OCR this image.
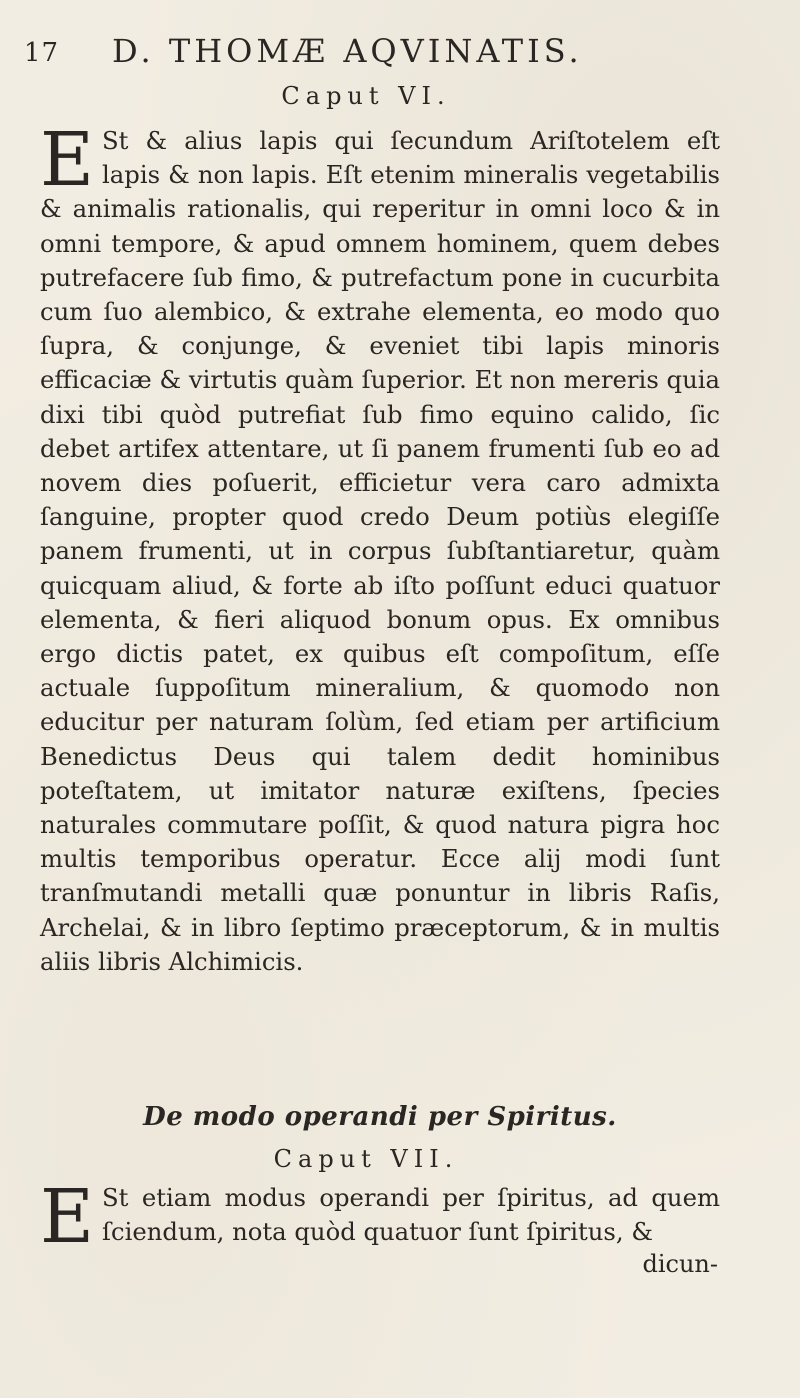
17 D. THOMÆ AQVINATIS.
Caput VI.
E St & alius lapis qui ſecundum Ariſtotelem eſt lapis & non lapis. Eſt etenim mineralis vegetabilis & animalis rationalis, qui reperitur in omni loco & in omni tempore, & apud omnem hominem, quem debes putrefacere ſub fimo, & putrefactum pone in cucurbita cum ſuo alembico, & extrahe elementa, eo modo quo ſupra, & conjunge, & eveniet tibi lapis minoris efficaciæ & virtutis quàm ſuperior. Et non mereris quia dixi tibi quòd putrefiat ſub fimo equino calido, ſic debet artifex attentare, ut ſi panem frumenti ſub eo ad novem dies poſuerit, efficietur vera caro admixta ſanguine, propter quod credo Deum potiùs elegiſſe panem frumenti, ut in corpus ſubſtantiaretur, quàm quicquam aliud, & forte ab iſto poſſunt educi quatuor elementa, & fieri aliquod bonum opus. Ex omnibus ergo dictis patet, ex quibus eſt compoſitum, eſſe actuale ſuppoſitum mineralium, & quomodo non educitur per naturam ſolùm, ſed etiam per artificium Benedictus Deus qui talem dedit hominibus poteſtatem, ut imitator naturæ exiſtens, ſpecies naturales commutare poſſit, & quod natura pigra hoc multis temporibus operatur. Ecce alij modi ſunt tranſmutandi metalli quæ ponuntur in libris Raſis, Archelai, & in libro ſeptimo præceptorum, & in multis aliis libris Alchimicis.
De modo operandi per Spiritus.
Caput VII.
E St etiam modus operandi per ſpiritus, ad quem ſciendum, nota quòd quatuor ſunt ſpiritus, &
dicun-
